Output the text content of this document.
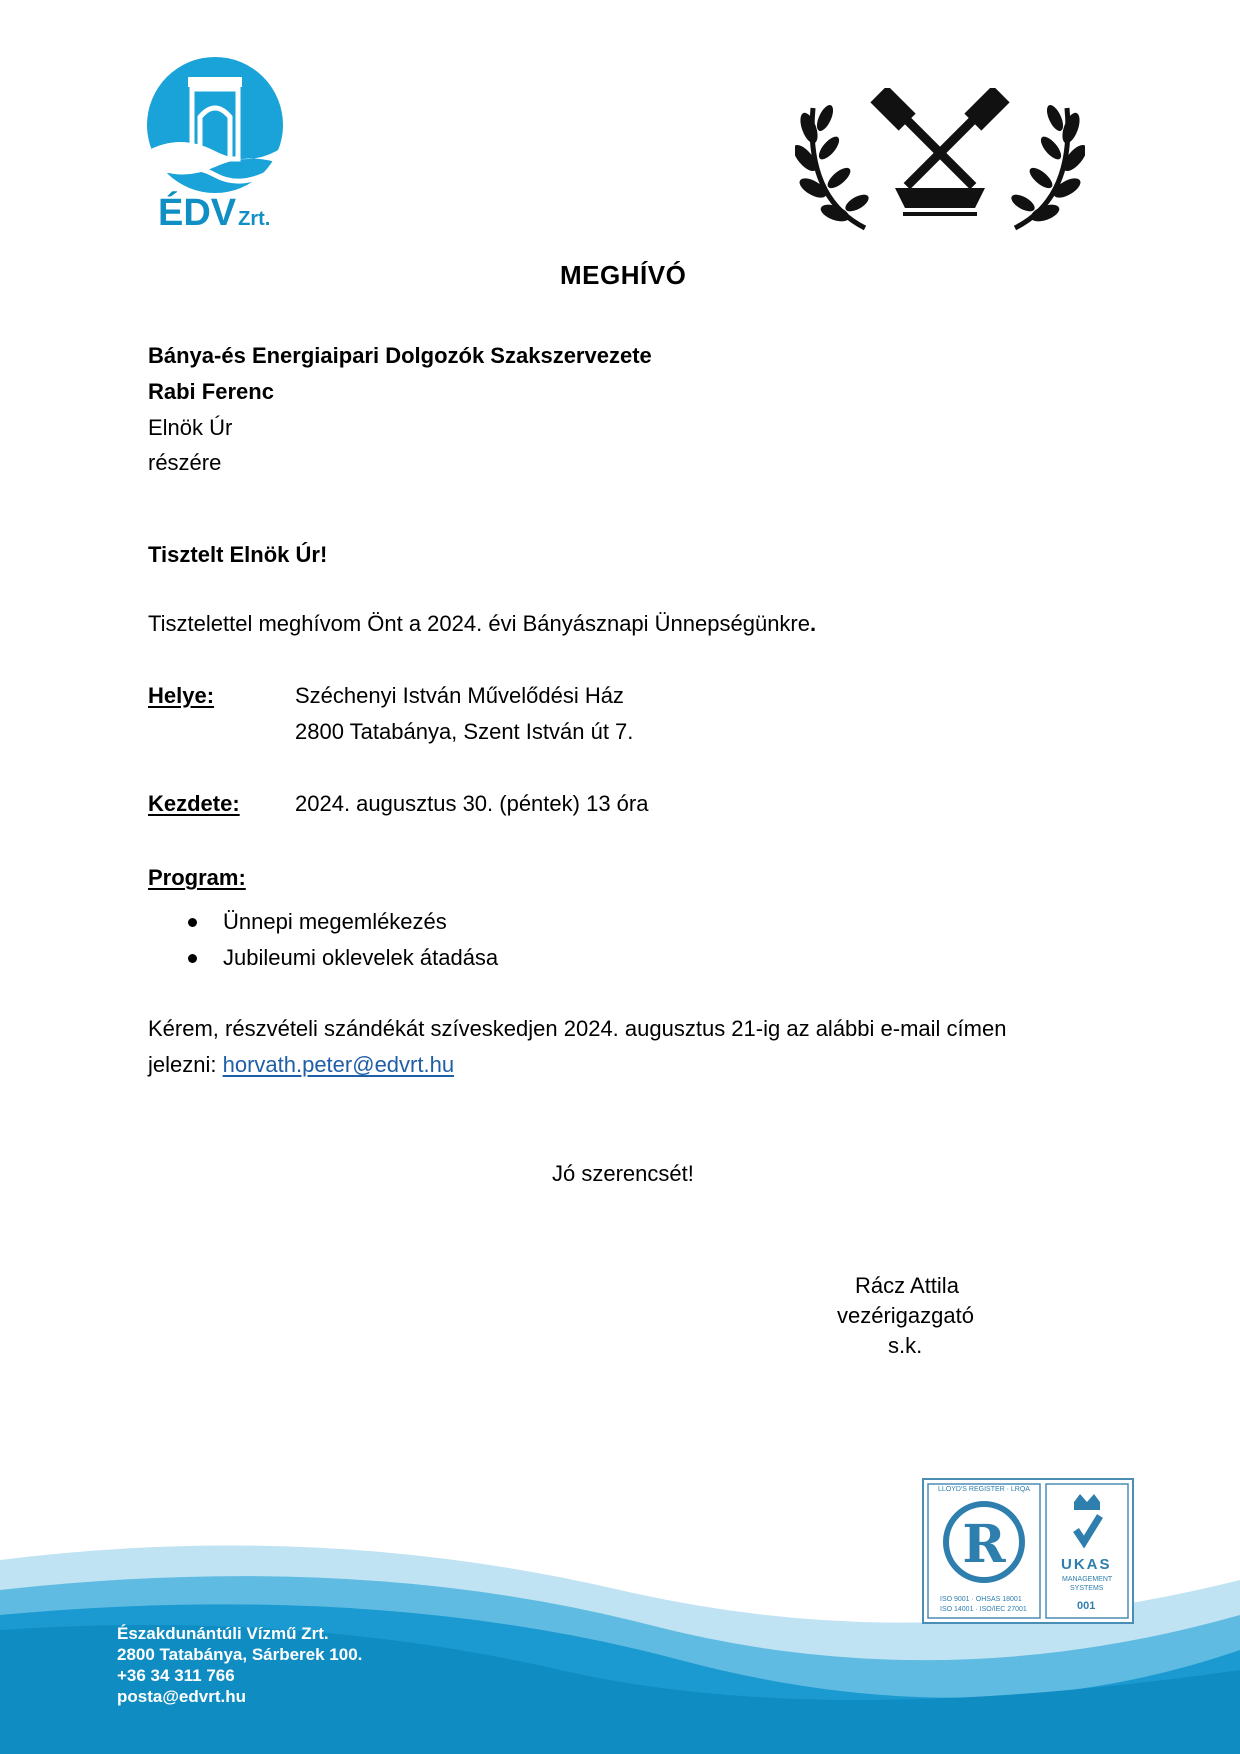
ÉDV Zrt.
MEGHÍVÓ
Bánya-és Energiaipari Dolgozók Szakszervezete
Rabi Ferenc
Elnök Úr
részére
Tisztelt Elnök Úr!
Tisztelettel meghívom Önt a 2024. évi Bányásznapi Ünnepségünkre.
Helye:	Széchenyi István Művelődési Ház
2800 Tatabánya, Szent István út 7.
Kezdete:	2024. augusztus 30. (péntek) 13 óra
Program:
Ünnepi megemlékezés
Jubileumi oklevelek átadása
Kérem, részvételi szándékát szíveskedjen 2024. augusztus 21-ig az alábbi e-mail címen
jelezni: horvath.peter@edvrt.hu
Jó szerencsét!
Rácz Attila
vezérigazgató
s.k.
R
LLOYD'S REGISTER · LRQA
ISO 9001 · OHSAS 18001
ISO 14001 · ISO/IEC 27001
UKAS
MANAGEMENT
SYSTEMS
001
Északdunántúli Vízmű Zrt.
2800 Tatabánya, Sárberek 100.
+36 34 311 766
posta@edvrt.hu
